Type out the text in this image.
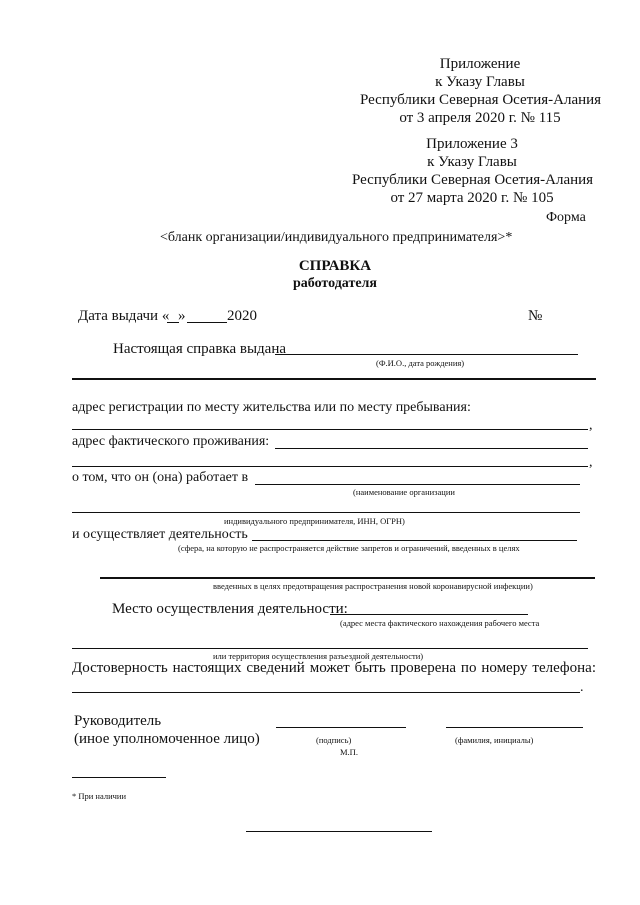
Приложение
к Указу Главы
Республики Северная Осетия-Алания
от 3 апреля 2020 г. № 115
Приложение 3
к Указу Главы
Республики Северная Осетия-Алания
от 27 марта 2020 г. № 105
Форма
<бланк организации/индивидуального предпринимателя>*
СПРАВКА
работодателя
Дата выдачи « »	2020	№
Настоящая справка выдана
(Ф.И.О., дата рождения)
адрес регистрации по месту жительства или по месту пребывания:
,
адрес фактического проживания:
,
о том, что он (она) работает в
(наименование организации
индивидуального предпринимателя, ИНН, ОГРН)
и осуществляет деятельность
(сфера, на которую не распространяется действие запретов и ограничений, введенных в целях
введенных в целях предотвращения распространения новой коронавирусной инфекции)
Место осуществления деятельности:
(адрес места фактического нахождения рабочего места
или территория осуществления разъездной деятельности)
Достоверность настоящих сведений может быть проверена по номеру телефона:
.
Руководитель
(иное уполномоченное лицо)	(подпись)
М.П.
(фамилия, инициалы)
* При наличии
